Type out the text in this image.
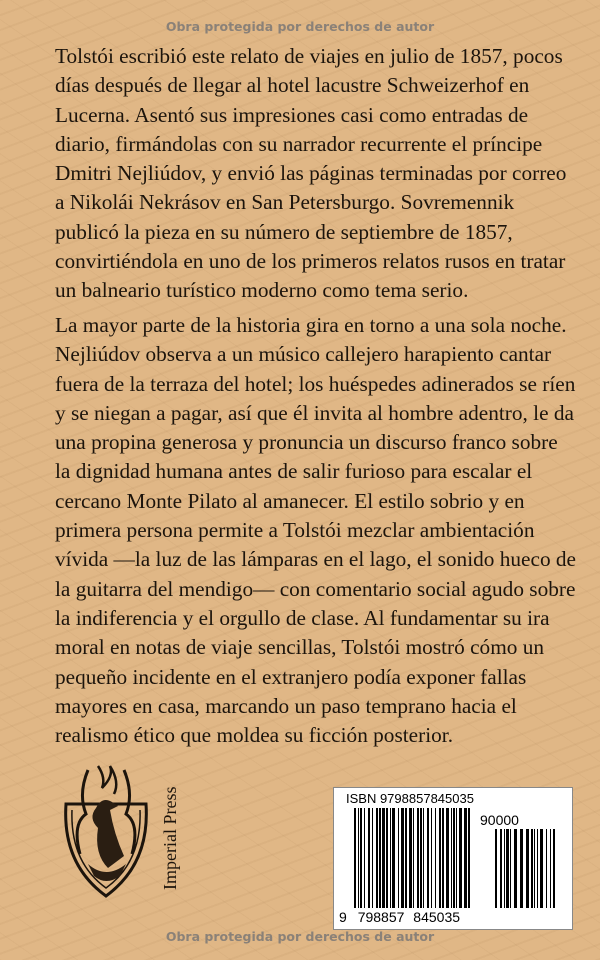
Obra protegida por derechos de autor
Tolstói escribió este relato de viajes en julio de 1857, pocos
días después de llegar al hotel lacustre Schweizerhof en
Lucerna. Asentó sus impresiones casi como entradas de
diario, firmándolas con su narrador recurrente el príncipe
Dmitri Nejliúdov, y envió las páginas terminadas por correo
a Nikolái Nekrásov en San Petersburgo. Sovremennik
publicó la pieza en su número de septiembre de 1857,
convirtiéndola en uno de los primeros relatos rusos en tratar
un balneario turístico moderno como tema serio.
La mayor parte de la historia gira en torno a una sola noche.
Nejliúdov observa a un músico callejero harapiento cantar
fuera de la terraza del hotel; los huéspedes adinerados se ríen
y se niegan a pagar, así que él invita al hombre adentro, le da
una propina generosa y pronuncia un discurso franco sobre
la dignidad humana antes de salir furioso para escalar el
cercano Monte Pilato al amanecer. El estilo sobrio y en
primera persona permite a Tolstói mezclar ambientación
vívida —la luz de las lámparas en el lago, el sonido hueco de
la guitarra del mendigo— con comentario social agudo sobre
la indiferencia y el orgullo de clase. Al fundamentar su ira
moral en notas de viaje sencillas, Tolstói mostró cómo un
pequeño incidente en el extranjero podía exponer fallas
mayores en casa, marcando un paso temprano hacia el
realismo ético que moldea su ficción posterior.
Imperial Press	ISBN 9798857845035
90000
9 798857 845035
Obra protegida por derechos de autor
